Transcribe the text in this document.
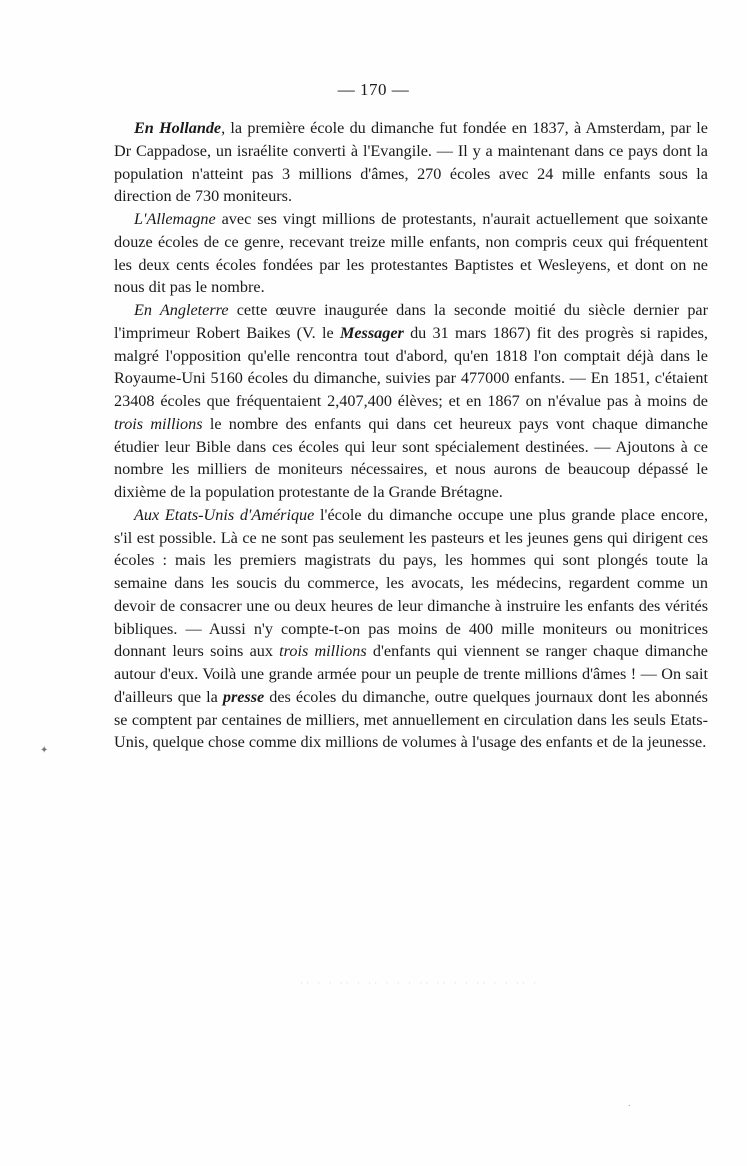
— 170 —

En Hollande, la première école du dimanche fut fondée en 1837, à Amsterdam, par le Dr Cappadose, un israélite converti à l'Evangile. — Il y a maintenant dans ce pays dont la population n'atteint pas 3 millions d'âmes, 270 écoles avec 24 mille enfants sous la direction de 730 moniteurs.

L'Allemagne avec ses vingt millions de protestants, n'aurait actuellement que soixante douze écoles de ce genre, recevant treize mille enfants, non compris ceux qui fréquentent les deux cents écoles fondées par les protestantes Baptistes et Wesleyens, et dont on ne nous dit pas le nombre.

En Angleterre cette œuvre inaugurée dans la seconde moitié du siècle dernier par l'imprimeur Robert Baikes (V. le Messager du 31 mars 1867) fit des progrès si rapides, malgré l'opposition qu'elle rencontra tout d'abord, qu'en 1818 l'on comptait déjà dans le Royaume-Uni 5160 écoles du dimanche, suivies par 477000 enfants. — En 1851, c'étaient 23408 écoles que fréquentaient 2,407,400 élèves; et en 1867 on n'évalue pas à moins de trois millions le nombre des enfants qui dans cet heureux pays vont chaque dimanche étudier leur Bible dans ces écoles qui leur sont spécialement destinées. — Ajoutons à ce nombre les milliers de moniteurs nécessaires, et nous aurons de beaucoup dépassé le dixième de la population protestante de la Grande Brétagne.

Aux Etats-Unis d'Amérique l'école du dimanche occupe une plus grande place encore, s'il est possible. Là ce ne sont pas seulement les pasteurs et les jeunes gens qui dirigent ces écoles : mais les premiers magistrats du pays, les hommes qui sont plongés toute la semaine dans les soucis du commerce, les avocats, les médecins, regardent comme un devoir de consacrer une ou deux heures de leur dimanche à instruire les enfants des vérités bibliques. — Aussi n'y compte-t-on pas moins de 400 mille moniteurs ou monitrices donnant leurs soins aux trois millions d'enfants qui viennent se ranger chaque dimanche autour d'eux. Voilà une grande armée pour un peuple de trente millions d'âmes ! — On sait d'ailleurs que la presse des écoles du dimanche, outre quelques journaux dont les abonnés se comptent par centaines de milliers, met annuellement en circulation dans les seuls Etats-Unis, quelque chose comme dix millions de volumes à l'usage des enfants et de la jeunesse.

✦
⸱
·· · · ·· · ·· · · · ·· ·· · · ·· · · ·· ·
